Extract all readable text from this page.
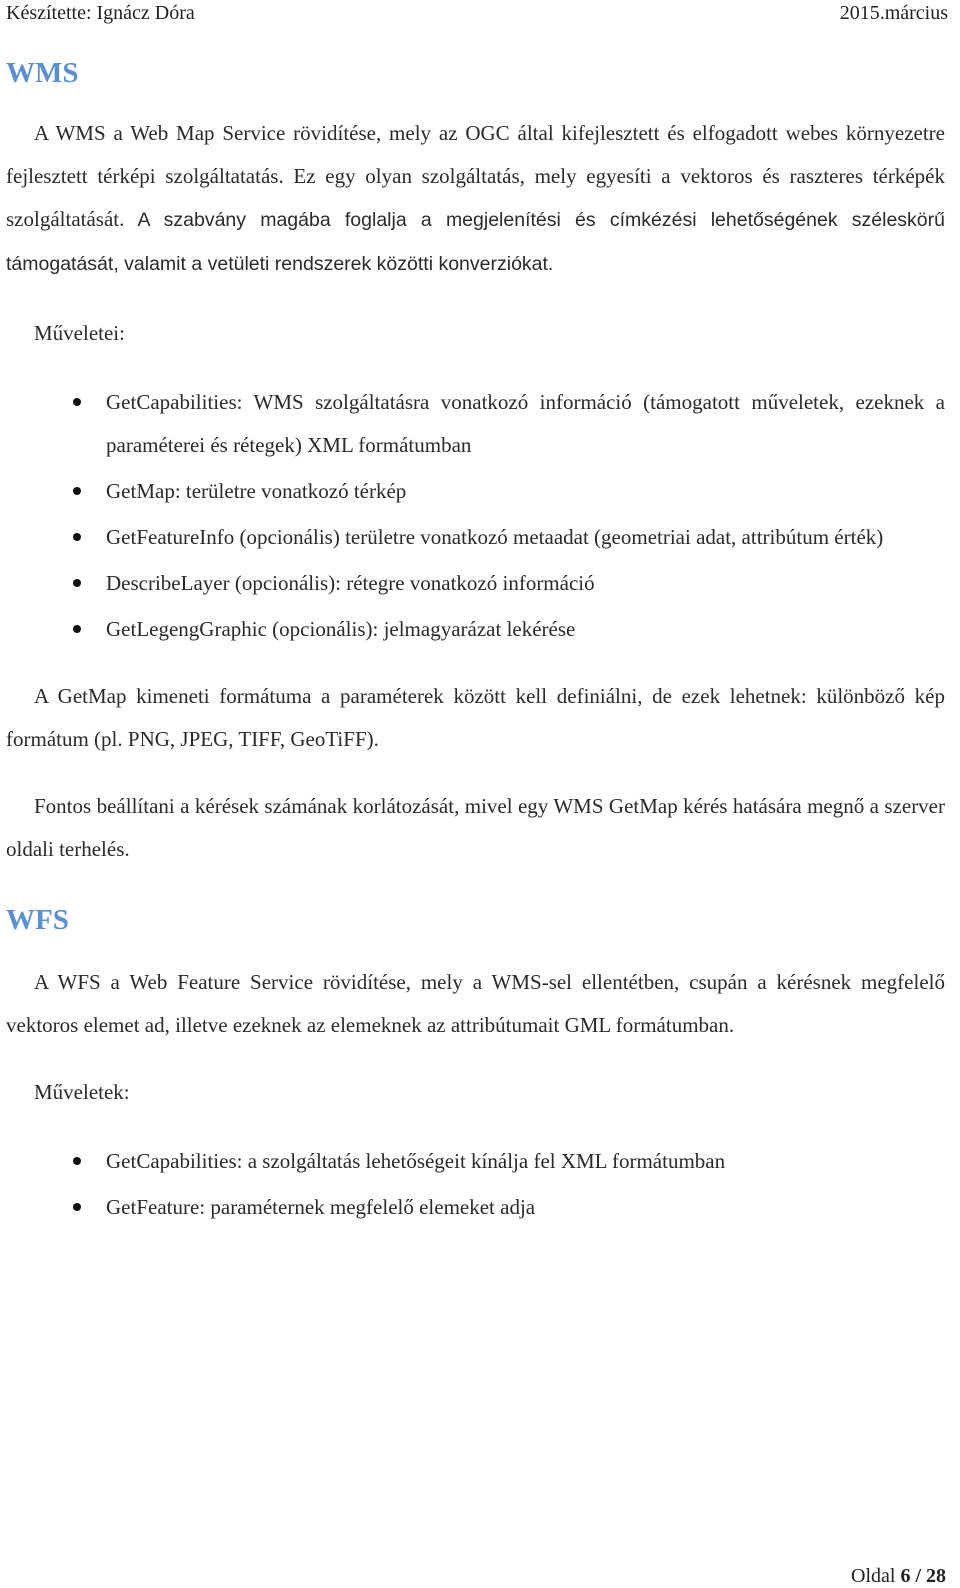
Készítette: Ignácz Dóra	2015.március
WMS

A WMS a Web Map Service rövidítése, mely az OGC által kifejlesztett és elfogadott webes környezetre fejlesztett térképi szolgáltatatás. Ez egy olyan szolgáltatás, mely egyesíti a vektoros és raszteres térképék szolgáltatását. A szabvány magába foglalja a megjelenítési és címkézési lehetőségének széleskörű támogatását, valamit a vetületi rendszerek közötti konverziókat.

Műveletei:

GetCapabilities: WMS szolgáltatásra vonatkozó információ (támogatott műveletek, ezeknek a paraméterei és rétegek) XML formátumban
GetMap: területre vonatkozó térkép
GetFeatureInfo (opcionális) területre vonatkozó metaadat (geometriai adat, attribútum érték)
DescribeLayer (opcionális): rétegre vonatkozó információ
GetLegengGraphic (opcionális): jelmagyarázat lekérése

A GetMap kimeneti formátuma a paraméterek között kell definiálni, de ezek lehetnek: különböző kép formátum (pl. PNG, JPEG, TIFF, GeoTiFF).

Fontos beállítani a kérések számának korlátozását, mivel egy WMS GetMap kérés hatására megnő a szerver oldali terhelés.

WFS

A WFS a Web Feature Service rövidítése, mely a WMS-sel ellentétben, csupán a kérésnek megfelelő vektoros elemet ad, illetve ezeknek az elemeknek az attribútumait GML formátumban.

Műveletek:

GetCapabilities: a szolgáltatás lehetőségeit kínálja fel XML formátumban
GetFeature: paraméternek megfelelő elemeket adja
Oldal 6 / 28
